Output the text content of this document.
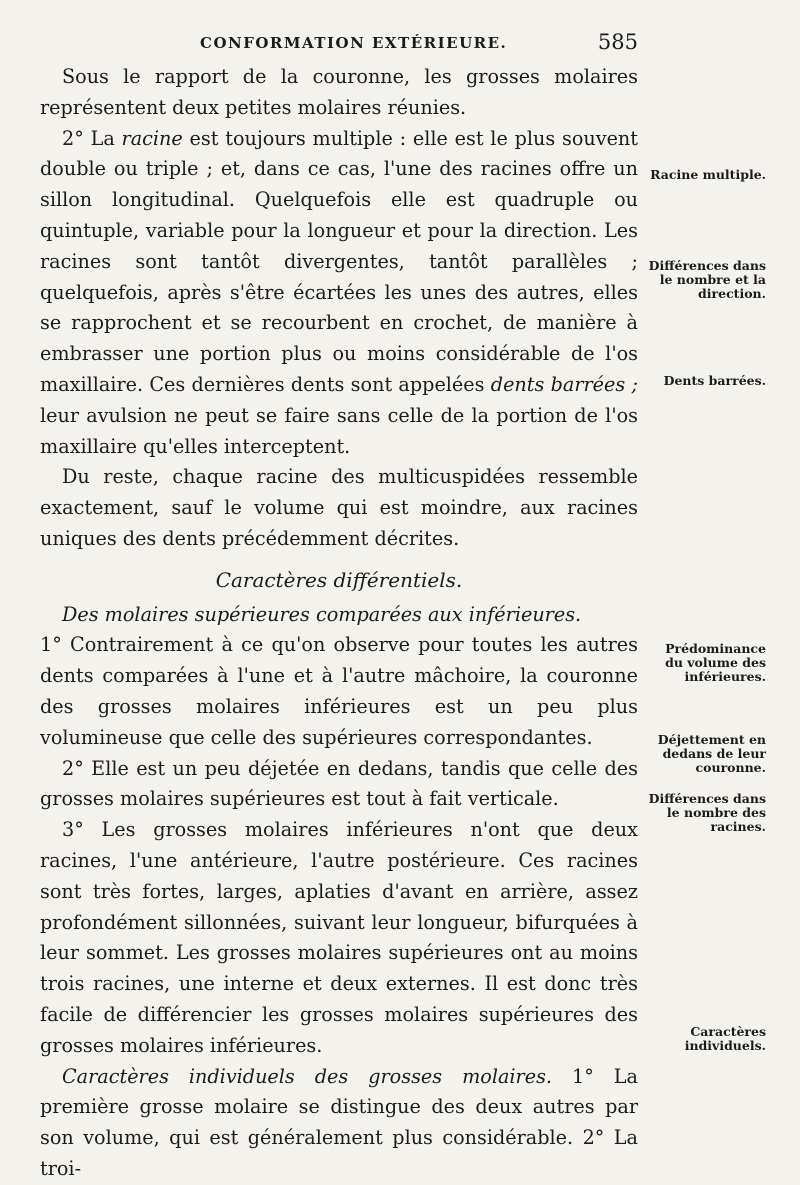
CONFORMATION EXTÉRIEURE.	585

Sous le rapport de la couronne, les grosses molaires représentent deux petites molaires réunies.

2° La racine est toujours multiple : elle est le plus souvent double ou triple ; et, dans ce cas, l'une des racines offre un sillon longitudinal. Quelquefois elle est quadruple ou quintuple, variable pour la longueur et pour la direction. Les racines sont tantôt divergentes, tantôt parallèles ; quelquefois, après s'être écartées les unes des autres, elles se rapprochent et se recourbent en crochet, de manière à embrasser une portion plus ou moins considérable de l'os maxillaire. Ces dernières dents sont appelées dents barrées ; leur avulsion ne peut se faire sans celle de la portion de l'os maxillaire qu'elles interceptent.

Du reste, chaque racine des multicuspidées ressemble exactement, sauf le volume qui est moindre, aux racines uniques des dents précédemment décrites.

Caractères différentiels.

Des molaires supérieures comparées aux inférieures.

1° Contrairement à ce qu'on observe pour toutes les autres dents comparées à l'une et à l'autre mâchoire, la couronne des grosses molaires inférieures est un peu plus volumineuse que celle des supérieures correspondantes.

2° Elle est un peu déjetée en dedans, tandis que celle des grosses molaires supérieures est tout à fait verticale.

3° Les grosses molaires inférieures n'ont que deux racines, l'une antérieure, l'autre postérieure. Ces racines sont très fortes, larges, aplaties d'avant en arrière, assez profondément sillonnées, suivant leur longueur, bifurquées à leur sommet. Les grosses molaires supérieures ont au moins trois racines, une interne et deux externes. Il est donc très facile de différencier les grosses molaires supérieures des grosses molaires inférieures.

Caractères individuels des grosses molaires. 1° La première grosse molaire se distingue des deux autres par son volume, qui est généralement plus considérable. 2° La troi-

Racine multiple.
Différences dans le nombre et la direction.
Dents barrées.
Prédominance du volume des inférieures.
Déjettement en dedans de leur couronne.
Différences dans le nombre des racines.
Caractères individuels.
